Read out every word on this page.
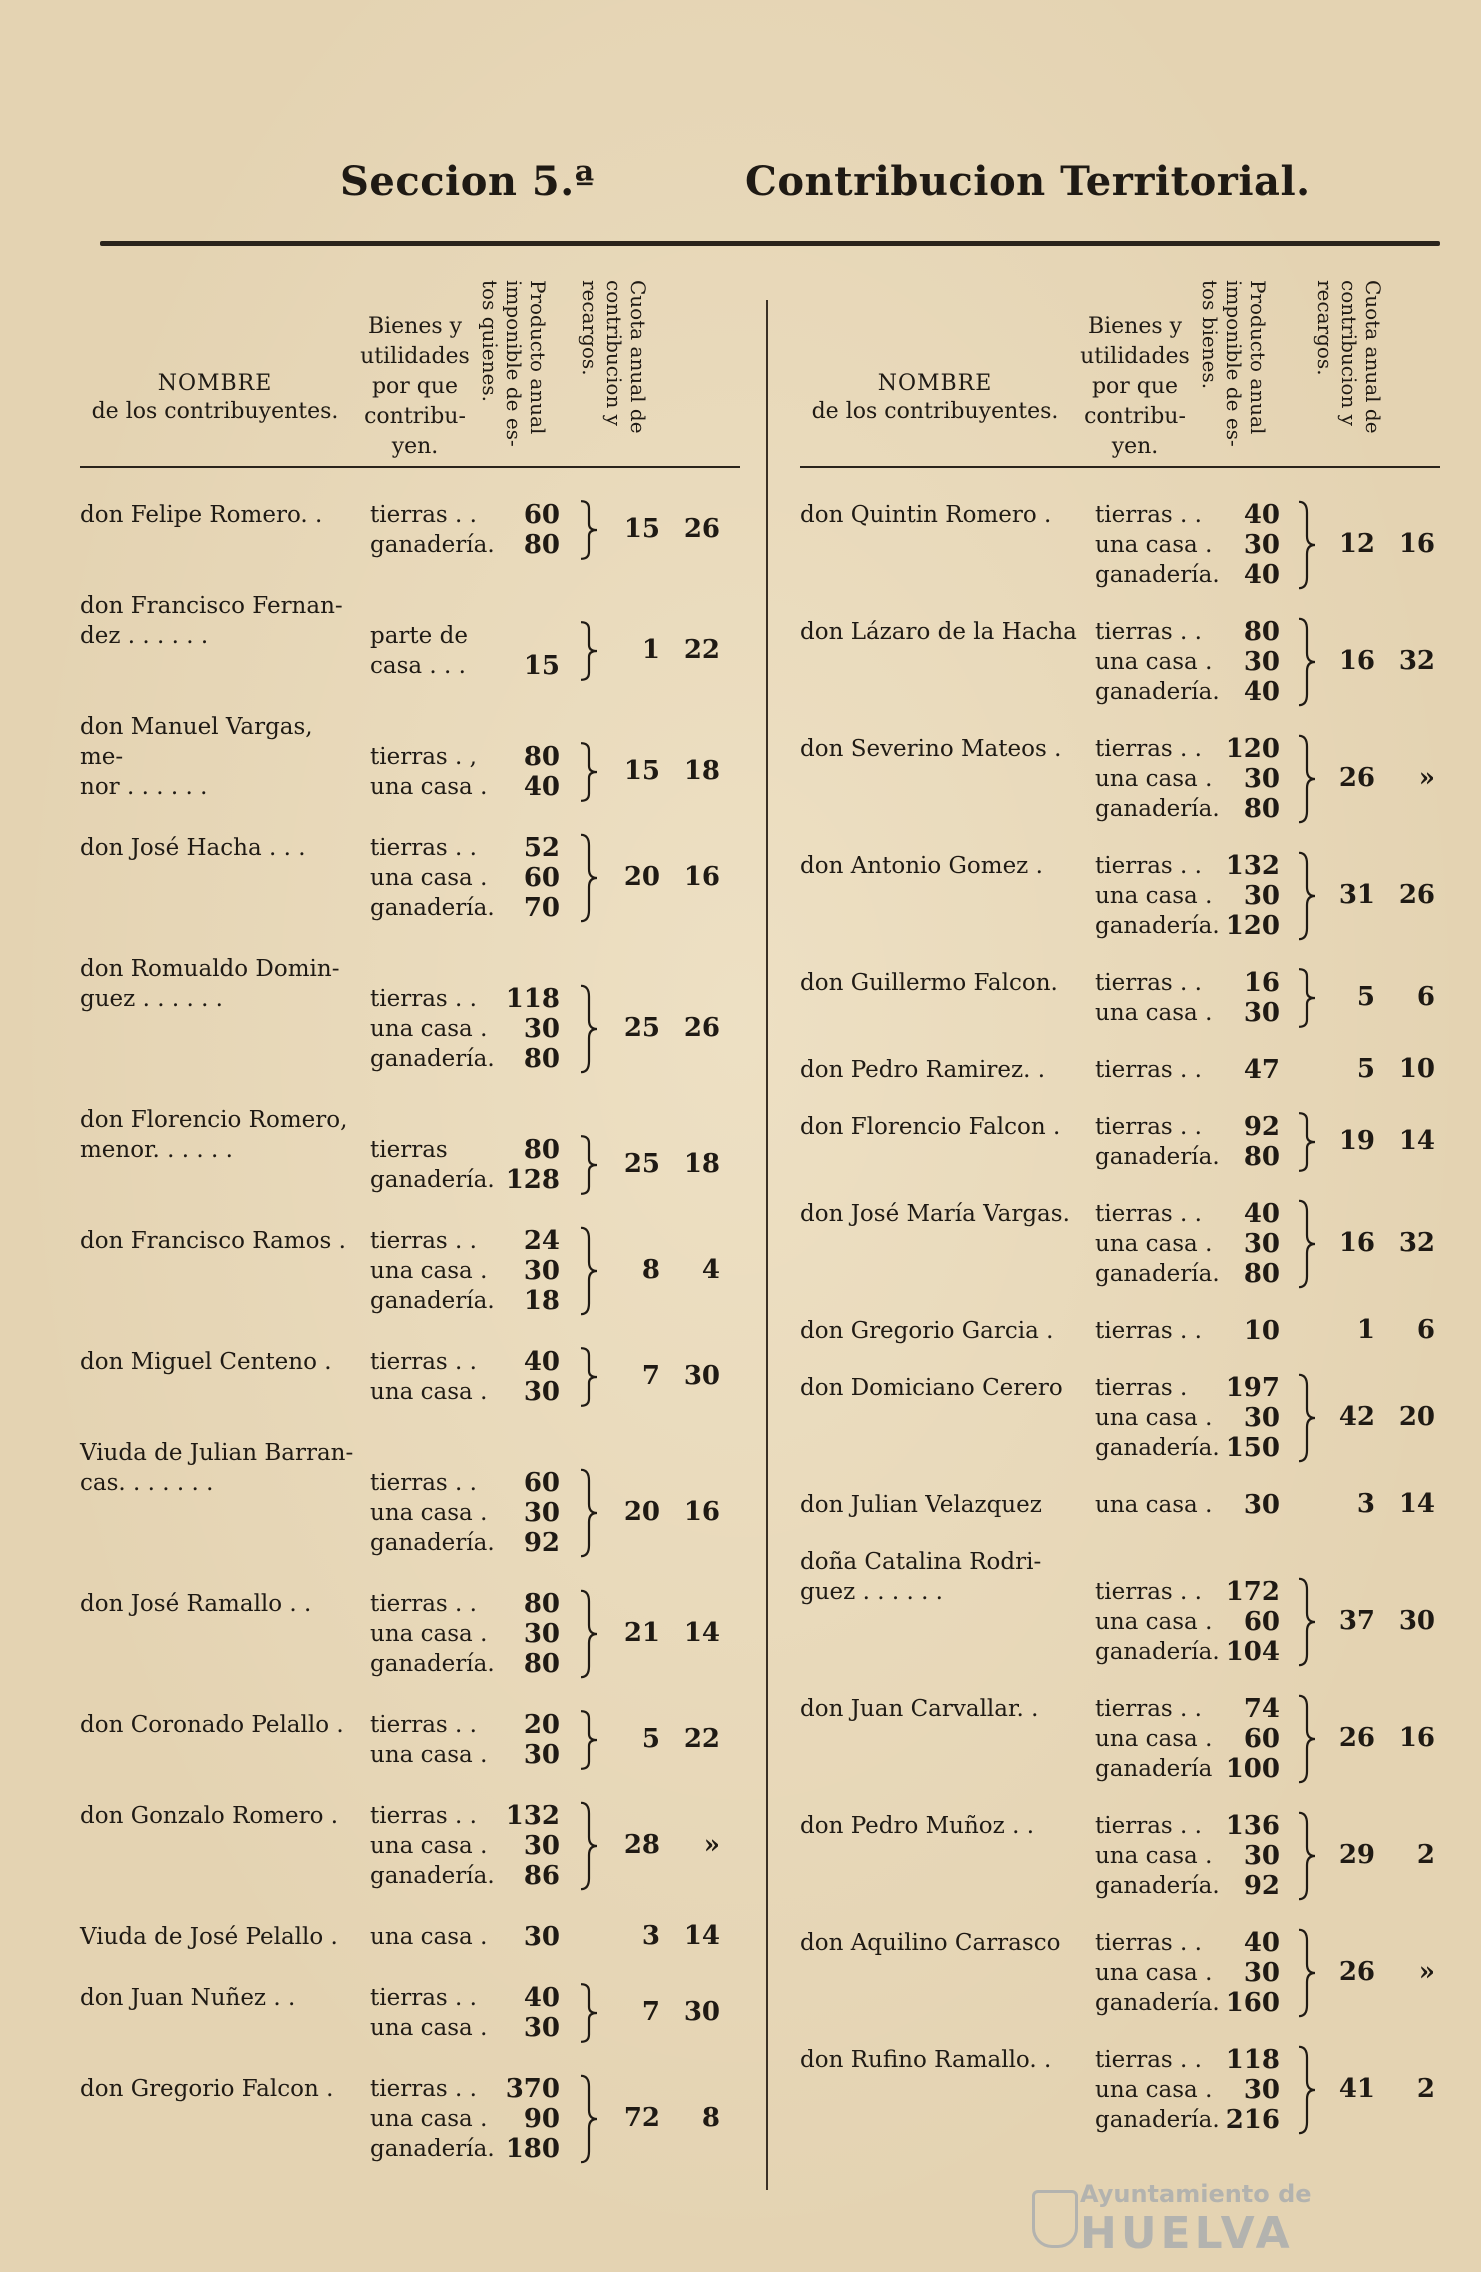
Seccion 5.ª	Contribucion Territorial.
NOMBRE
de los contribuyentes.
Bienes y utilidades por que contribu-yen.
Producto anual imponible de es-tos quienes.	Cuota anual de contribucion y recargos.
don Felipe Romero. .	tierras . .	60
ganadería.	80
15 26
don Francisco Fernan-
dez . . . . . .	parte de
casa . . .	15
1 22
don Manuel Vargas, me-
nor . . . . . .
tierras . ,	80
una casa .	40
15 18
don José Hacha . . .	tierras . .	52
una casa .	60
ganadería.	70
20 16
don Romualdo Domin-
guez . . . . . .	tierras . .	118
una casa .	30
ganadería.	80
25 26
don Florencio Romero,
menor. . . . . .	tierras	80
ganadería. 128
25 18
don Francisco Ramos .	tierras . .	24
una casa .	30
ganadería.	18
8	4
don Miguel Centeno .	tierras . .	40
una casa .	30
7 30
Viuda de Julian Barran-
cas. . . . . . .	tierras . .	60
una casa .	30
ganadería.	92
20 16
don José Ramallo . .	tierras . .	80
una casa .	30
ganadería.	80
21 14
don Coronado Pelallo .	tierras . .	20
una casa .	30
5 22
don Gonzalo Romero .	tierras . .	132
una casa .	30
ganadería.	86
28	»
Viuda de José Pelallo .	una casa .	30	3 14
don Juan Nuñez . .	tierras . .	40
una casa .	30
7 30
don Gregorio Falcon .	tierras . .	370
una casa .	90
ganadería. 180
72	8
NOMBRE
de los contribuyentes.
Bienes y utilidades por que contribu-yen.
Producto anual imponible de es-tos bienes.	Cuota anual de contribucion y recargos.
don Quintin Romero .	tierras . .	40
una casa .	30
ganadería. 40
12 16
don Lázaro de la Hacha tierras . .	80
una casa .	30
ganadería. 40
16 32
don Severino Mateos .	tierras . . 120
una casa .	30
ganadería. 80
26	»
don Antonio Gomez .	tierras . . 132
una casa .	30
ganadería. 120
31 26
don Guillermo Falcon.	tierras . .	16
una casa .	30
5	6
don Pedro Ramirez. .	tierras . .	47	5 10
don Florencio Falcon .	tierras . .	92
ganadería. 80
19 14
don José María Vargas.	tierras . .	40
una casa .	30
ganadería. 80
16 32
don Gregorio Garcia .	tierras . .	10	1	6
don Domiciano Cerero	tierras .	197
una casa .	30
ganadería. 150
42 20
don Julian Velazquez	una casa .	30	3 14
doña Catalina Rodri-
guez . . . . . .	tierras . . 172
una casa .	60
ganadería. 104
37 30
don Juan Carvallar. .	tierras . .	74
una casa .	60
ganadería 100
26 16
don Pedro Muñoz . .	tierras . . 136
una casa .	30
ganadería. 92
29	2
don Aquilino Carrasco	tierras . .	40
una casa .	30
ganadería. 160
26	»
don Rufino Ramallo. .	tierras . . 118
una casa .	30
ganadería. 216
41	2
Ayuntamiento de
HUELVA
